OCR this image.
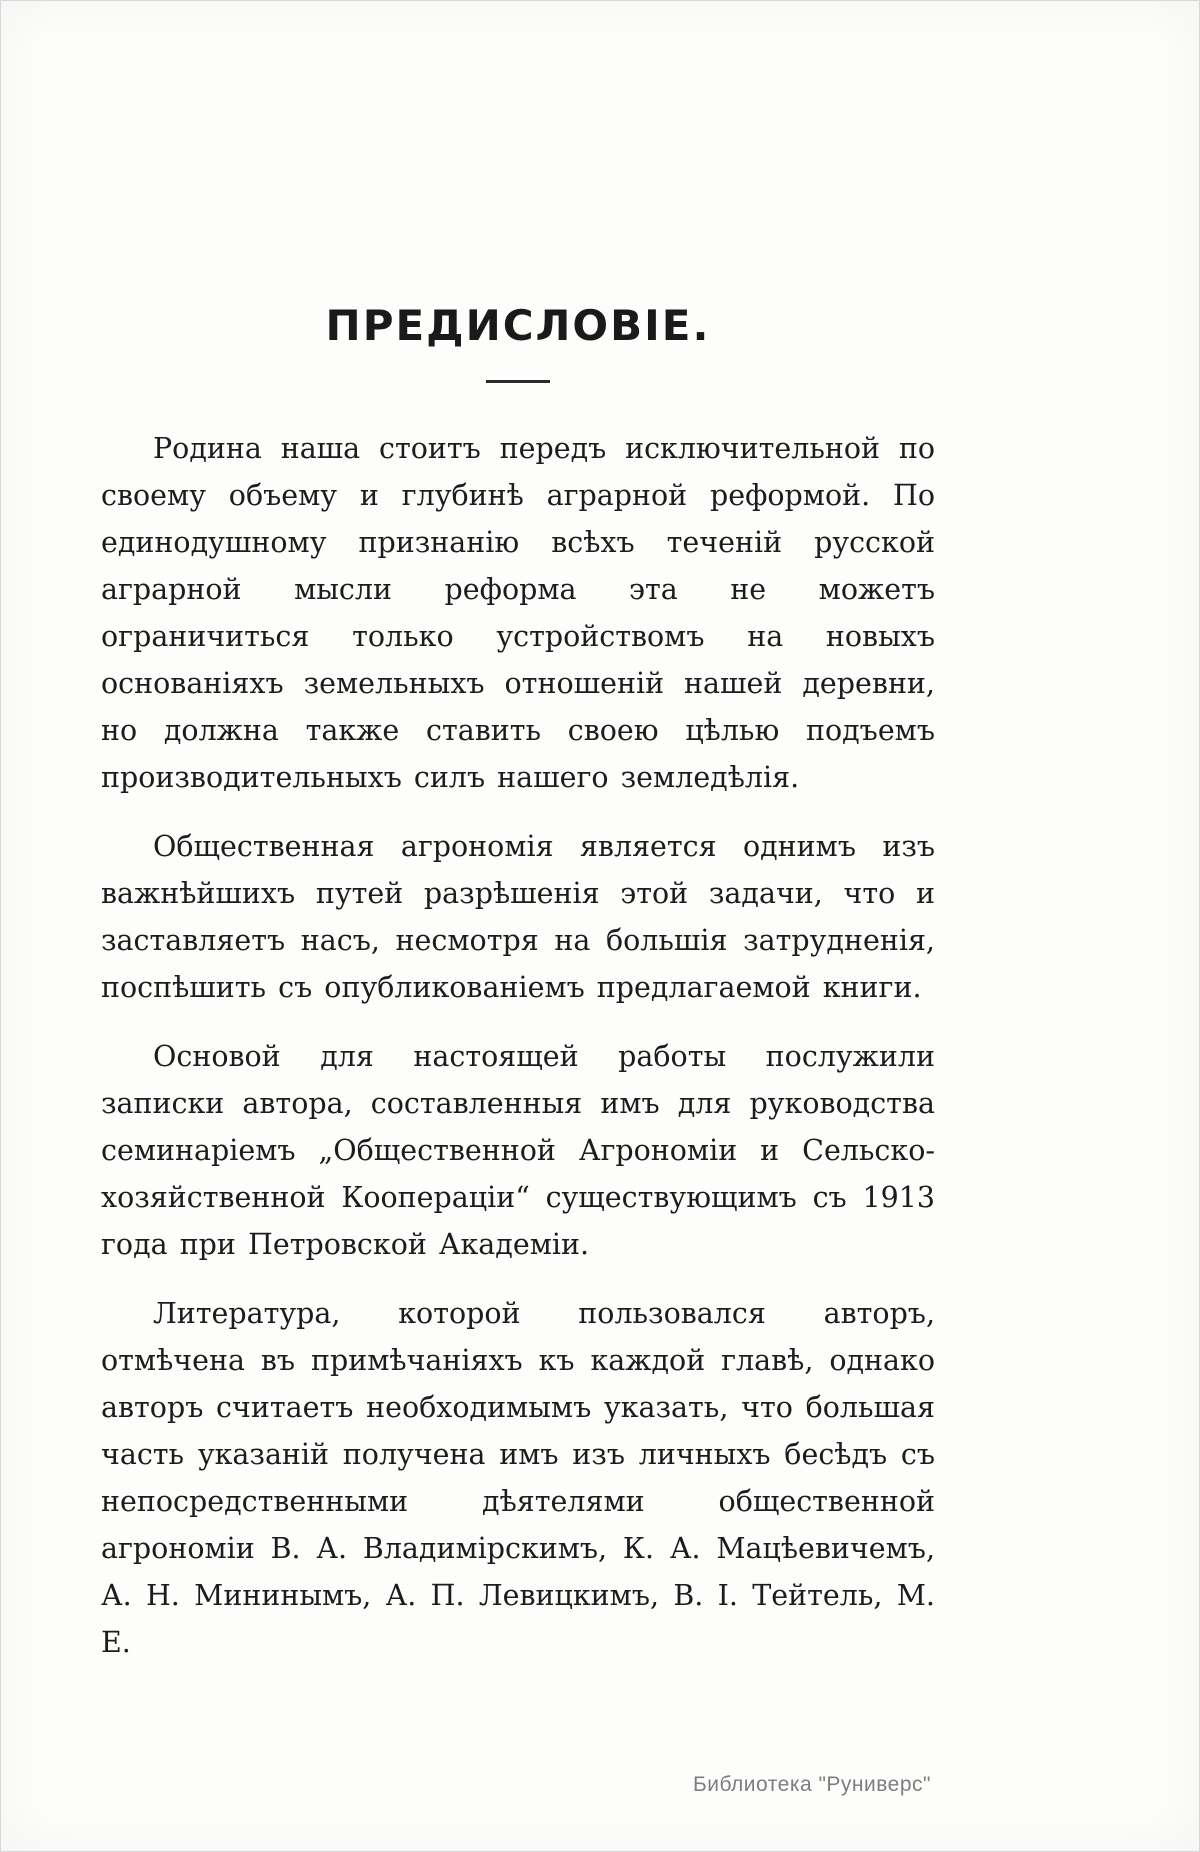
ПРЕДИСЛОВІЕ.

Родина наша стоитъ передъ исключительной по своему объему и глубинѣ аграрной реформой. По единодушному признанію всѣхъ теченій русской аграрной мысли реформа эта не можетъ ограничиться только устройствомъ на новыхъ основаніяхъ земельныхъ отношеній нашей деревни, но должна также ставить своею цѣлью подъемъ производительныхъ силъ нашего земледѣлія.

Общественная агрономія является однимъ изъ важнѣйшихъ путей разрѣшенія этой задачи, что и заставляетъ насъ, несмотря на большія затрудненія, поспѣшить съ опубликованіемъ предлагаемой книги.

Основой для настоящей работы послужили записки автора, составленныя имъ для руководства семинаріемъ „Общественной Агрономіи и Сельско-хозяйственной Коопераціи“ существующимъ съ 1913 года при Петровской Академіи.

Литература, которой пользовался авторъ, отмѣчена въ примѣчаніяхъ къ каждой главѣ, однако авторъ считаетъ необходимымъ указать, что большая часть указаній получена имъ изъ личныхъ бесѣдъ съ непосредственными дѣятелями общественной агрономіи В. А. Владимірскимъ, К. А. Мацѣевичемъ, А. Н. Мининымъ, А. П. Левицкимъ, В. І. Тейтель, М. Е.

Библиотека "Руниверс"
